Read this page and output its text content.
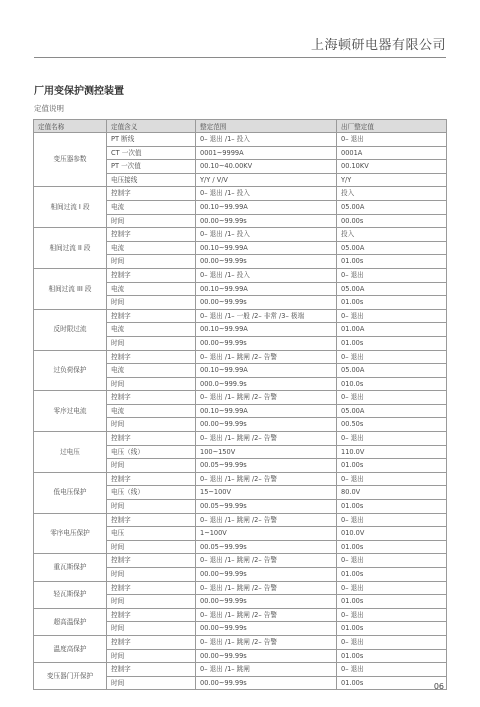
上海顿研电器有限公司
厂用变保护测控装置
定值说明
定值名称	定值含义	整定范围	出厂整定值
变压器参数	PT 断线	0– 退出 /1– 投入	0– 退出
	CT 一次值	0001~9999A	0001A
	PT 一次值	00.10~40.00KV	00.10KV
	电压接线	Y/Y / V/V	Y/Y
相间过流 I 段	控制字	0– 退出 /1– 投入	投入
	电流	00.10~99.99A	05.00A
	时间	00.00~99.99s	00.00s
相间过流 II 段	控制字	0– 退出 /1– 投入	投入
	电流	00.10~99.99A	05.00A
	时间	00.00~99.99s	01.00s
相间过流 III 段	控制字	0– 退出 /1– 投入	0– 退出
	电流	00.10~99.99A	05.00A
	时间	00.00~99.99s	01.00s
反时限过流	控制字	0– 退出 /1– 一般 /2– 非常 /3– 极端	0– 退出
	电流	00.10~99.99A	01.00A
	时间	00.00~99.99s	01.00s
过负荷保护	控制字	0– 退出 /1– 跳闸 /2– 告警	0– 退出
	电流	00.10~99.99A	05.00A
	时间	000.0~999.9s	010.0s
零序过电流	控制字	0– 退出 /1– 跳闸 /2– 告警	0– 退出
	电流	00.10~99.99A	05.00A
	时间	00.00~99.99s	00.50s
过电压	控制字	0– 退出 /1– 跳闸 /2– 告警	0– 退出
	电压（线）	100~150V	110.0V
	时间	00.05~99.99s	01.00s
低电压保护	控制字	0– 退出 /1– 跳闸 /2– 告警	0– 退出
	电压（线）	15~100V	80.0V
	时间	00.05~99.99s	01.00s
零序电压保护	控制字	0– 退出 /1– 跳闸 /2– 告警	0– 退出
	电压	1~100V	010.0V
	时间	00.05~99.99s	01.00s
重瓦斯保护	控制字	0– 退出 /1– 跳闸 /2– 告警	0– 退出
	时间	00.00~99.99s	01.00s
轻瓦斯保护	控制字	0– 退出 /1– 跳闸 /2– 告警	0– 退出
	时间	00.00~99.99s	01.00s
超高温保护	控制字	0– 退出 /1– 跳闸 /2– 告警	0– 退出
	时间	00.00~99.99s	01.00s
温度高保护	控制字	0– 退出 /1– 跳闸 /2– 告警	0– 退出
	时间	00.00~99.99s	01.00s
变压器门开保护	控制字	0– 退出 /1– 跳闸	0– 退出
	时间	00.00~99.99s	01.00s	06
